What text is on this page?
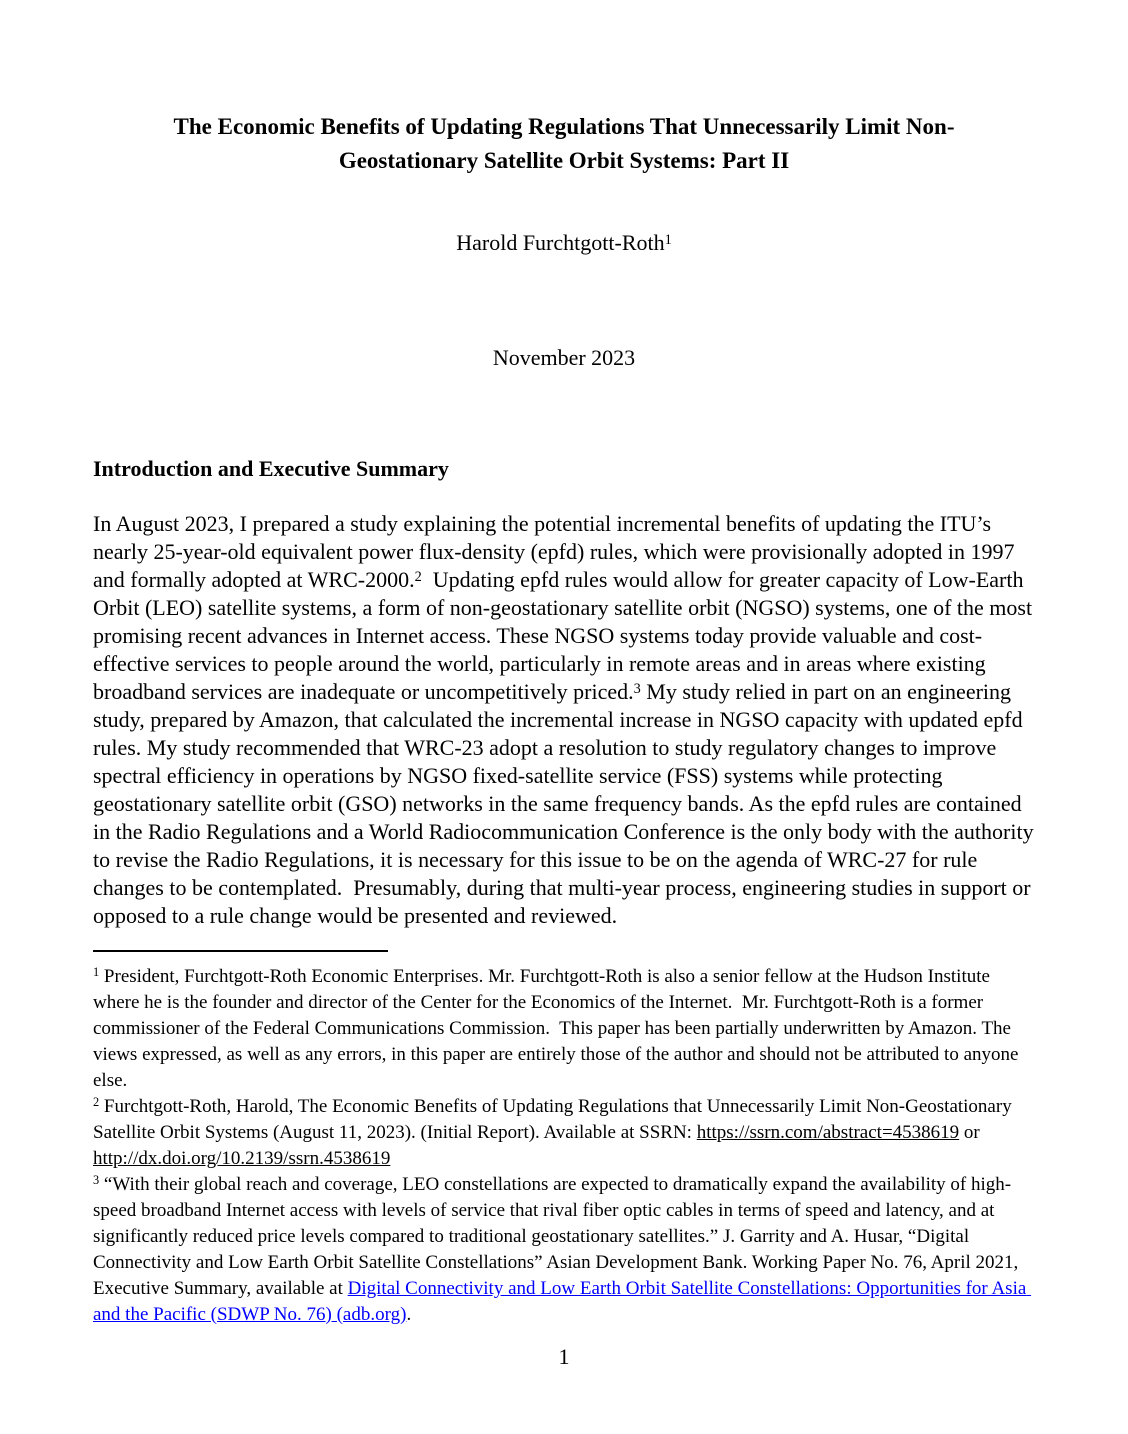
The Economic Benefits of Updating Regulations That Unnecessarily Limit Non-Geostationary Satellite Orbit Systems: Part II
Harold Furchtgott-Roth$^1$
November 2023
Introduction and Executive Summary

In August 2023, I prepared a study explaining the potential incremental benefits of updating the ITU’s nearly 25-year-old equivalent power flux-density (epfd) rules, which were provisionally adopted in 1997 and formally adopted at WRC-2000.$^2$  Updating epfd rules would allow for greater capacity of Low-Earth Orbit (LEO) satellite systems, a form of non-geostationary satellite orbit (NGSO) systems, one of the most promising recent advances in Internet access. These NGSO systems today provide valuable and cost-effective services to people around the world, particularly in remote areas and in areas where existing broadband services are inadequate or uncompetitively priced.$^3$ My study relied in part on an engineering study, prepared by Amazon, that calculated the incremental increase in NGSO capacity with updated epfd rules. My study recommended that WRC-23 adopt a resolution to study regulatory changes to improve spectral efficiency in operations by NGSO fixed-satellite service (FSS) systems while protecting geostationary satellite orbit (GSO) networks in the same frequency bands. As the epfd rules are contained in the Radio Regulations and a World Radiocommunication Conference is the only body with the authority to revise the Radio Regulations, it is necessary for this issue to be on the agenda of WRC-27 for rule changes to be contemplated.  Presumably, during that multi-year process, engineering studies in support or opposed to a rule change would be presented and reviewed.

$^1$ President, Furchtgott-Roth Economic Enterprises. Mr. Furchtgott-Roth is also a senior fellow at the Hudson Institute where he is the founder and director of the Center for the Economics of the Internet.  Mr. Furchtgott-Roth is a former commissioner of the Federal Communications Commission.  This paper has been partially underwritten by Amazon. The views expressed, as well as any errors, in this paper are entirely those of the author and should not be attributed to anyone else.

$^2$ Furchtgott-Roth, Harold, The Economic Benefits of Updating Regulations that Unnecessarily Limit Non-Geostationary Satellite Orbit Systems (August 11, 2023). (Initial Report). Available at SSRN: https://ssrn.com/abstract=4538619 or http://dx.doi.org/10.2139/ssrn.4538619

$^3$ “With their global reach and coverage, LEO constellations are expected to dramatically expand the availability of high-speed broadband Internet access with levels of service that rival fiber optic cables in terms of speed and latency, and at significantly reduced price levels compared to traditional geostationary satellites.” J. Garrity and A. Husar, “Digital Connectivity and Low Earth Orbit Satellite Constellations” Asian Development Bank. Working Paper No. 76, April 2021, Executive Summary, available at Digital Connectivity and Low Earth Orbit Satellite Constellations: Opportunities for Asia and the Pacific (SDWP No. 76) (adb.org).

1
